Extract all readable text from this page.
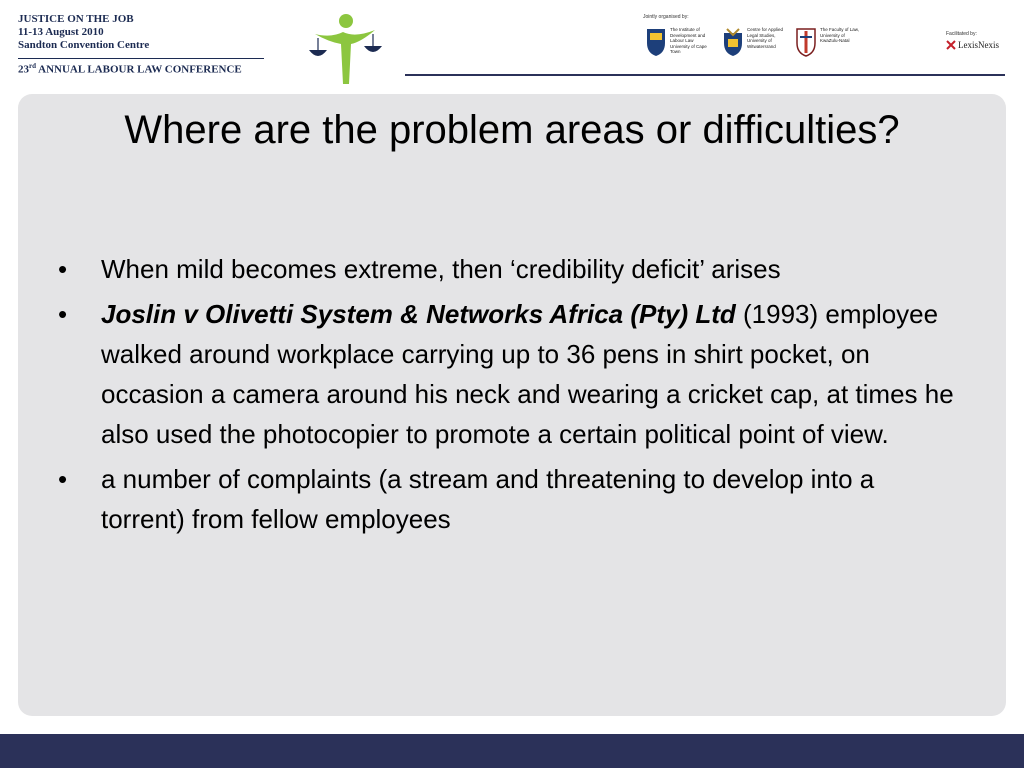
JUSTICE ON THE JOB
11-13 August 2010
Sandton Convention Centre
23rd ANNUAL LABOUR LAW CONFERENCE
Jointly organised by:
The Institute of Development and Labour Law University of Cape Town
Centre for Applied Legal Studies, University of Witwatersrand
The Faculty of Law, University of KwaZulu-Natal
Facilitated by:
LexisNexis
Where are the problem areas or difficulties?
•	When mild becomes extreme, then ‘credibility deficit’ arises
•	Joslin v Olivetti System & Networks Africa (Pty) Ltd (1993) employee walked around workplace carrying up to 36 pens in shirt pocket, on occasion a camera around his neck and wearing a cricket cap, at times he also used the photocopier to promote a certain political point of view.
•	a number of complaints (a stream and threatening to develop into a torrent) from fellow employees
